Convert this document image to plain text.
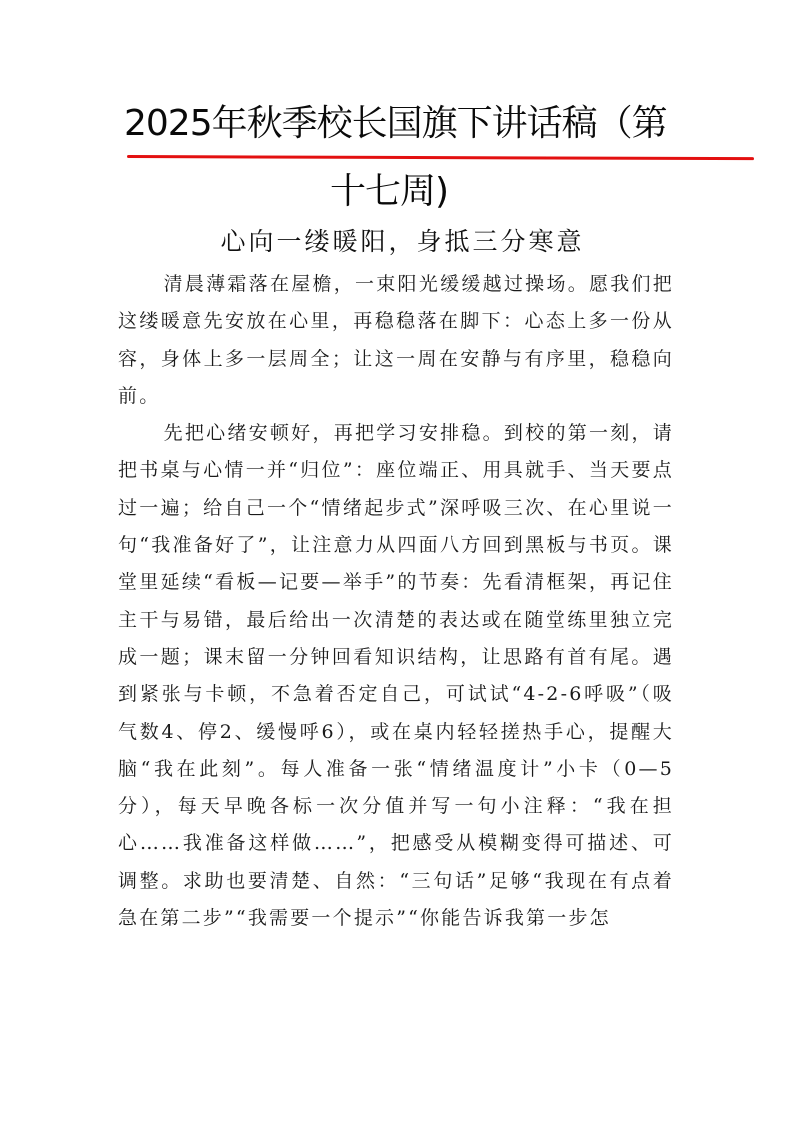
2025年秋季校长国旗下讲话稿（第
十七周)
心向一缕暖阳，身抵三分寒意

清晨薄霜落在屋檐，一束阳光缓缓越过操场。愿我们把这缕暖意先安放在心里，再稳稳落在脚下：心态上多一份从容，身体上多一层周全；让这一周在安静与有序里，稳稳向前。

先把心绪安顿好，再把学习安排稳。到校的第一刻，请把书桌与心情一并“归位”：座位端正、用具就手、当天要点过一遍；给自己一个“情绪起步式”深呼吸三次、在心里说一句“我准备好了”，让注意力从四面八方回到黑板与书页。课堂里延续“看板—记要—举手”的节奏：先看清框架，再记住主干与易错，最后给出一次清楚的表达或在随堂练里独立完成一题；课末留一分钟回看知识结构，让思路有首有尾。遇到紧张与卡顿，不急着否定自己，可试试“4-2-6呼吸”（吸气数4、停2、缓慢呼6），或在桌内轻轻搓热手心，提醒大脑“我在此刻”。每人准备一张“情绪温度计”小卡（0—5分），每天早晚各标一次分值并写一句小注释：“我在担心……我准备这样做……”，把感受从模糊变得可描述、可调整。求助也要清楚、自然：“三句话”足够“我现在有点着急在第二步”“我需要一个提示”“你能告诉我第一步怎
